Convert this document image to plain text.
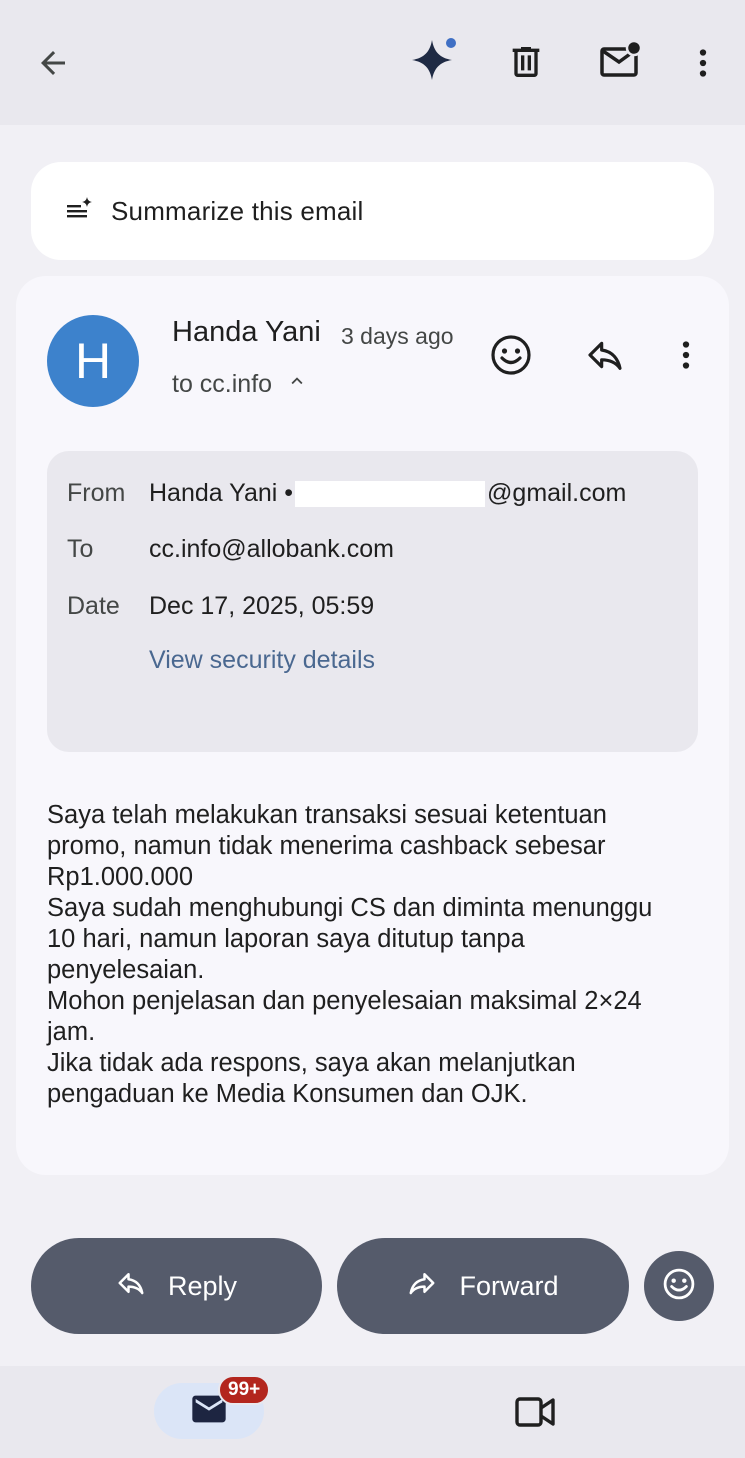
Summarize this email
H
Handa Yani 3 days ago
to cc.info
From Handa Yani •	@gmail.com
To cc.info@allobank.com
Date Dec 17, 2025, 05:59
View security details
Saya telah melakukan transaksi sesuai ketentuan
promo, namun tidak menerima cashback sebesar
Rp1.000.000
Saya sudah menghubungi CS dan diminta menunggu
10 hari, namun laporan saya ditutup tanpa
penyelesaian.
Mohon penjelasan dan penyelesaian maksimal 2×24
jam.
Jika tidak ada respons, saya akan melanjutkan
pengaduan ke Media Konsumen dan OJK.
Reply	Forward
99+
